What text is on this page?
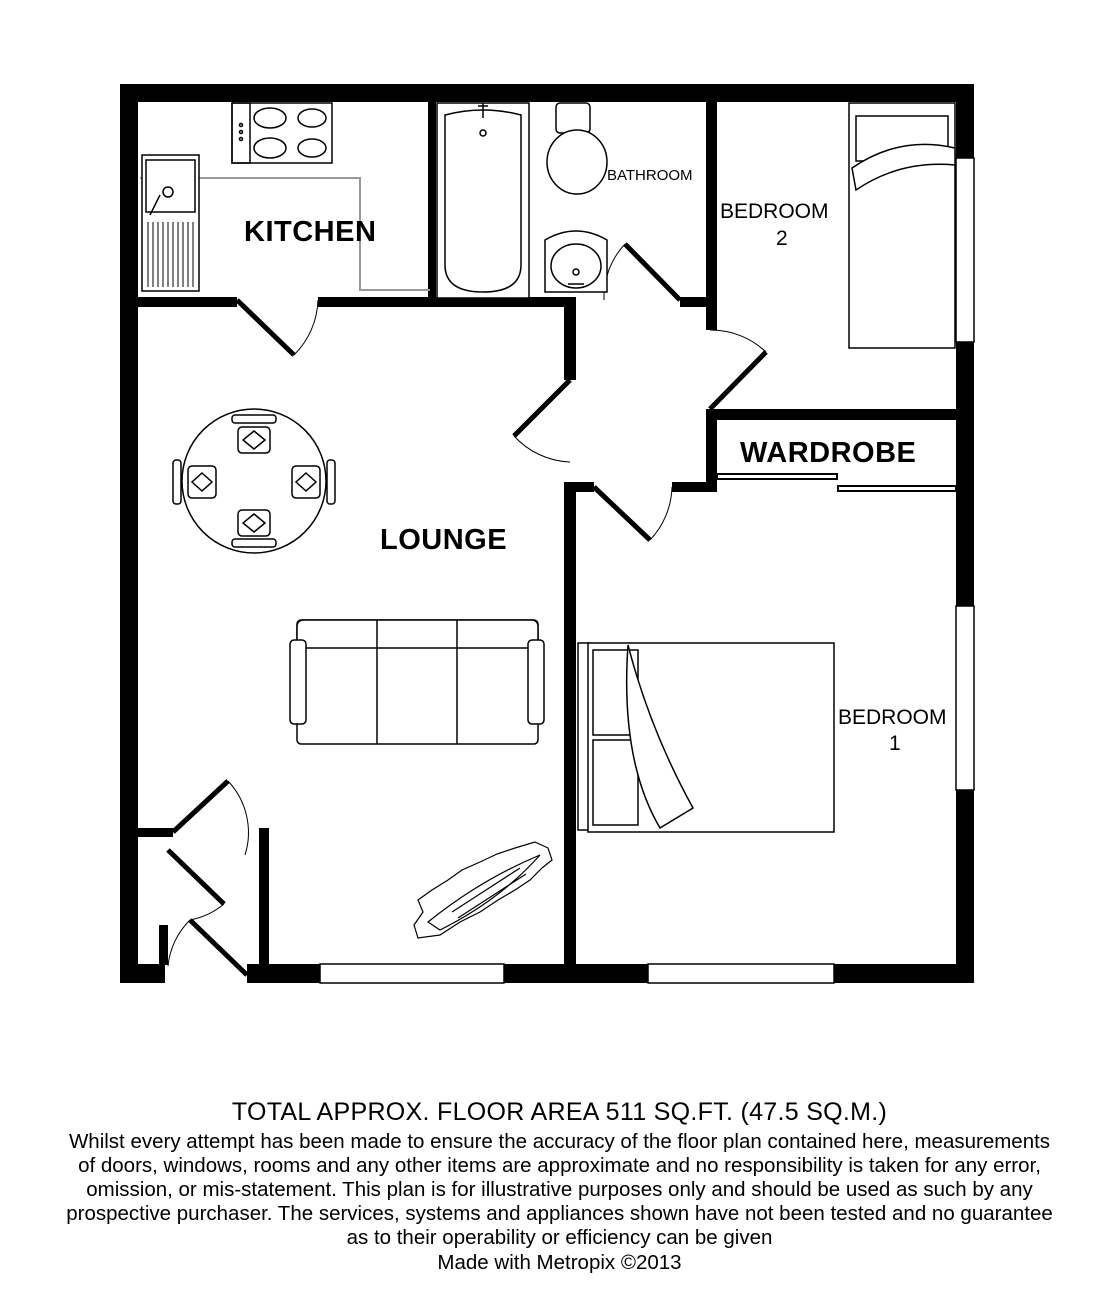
KITCHEN
BATHROOM
BEDROOM
2
WARDROBE
LOUNGE
BEDROOM
1
TOTAL APPROX. FLOOR AREA 511 SQ.FT. (47.5 SQ.M.)
Whilst every attempt has been made to ensure the accuracy of the floor plan contained here, measurements
of doors, windows, rooms and any other items are approximate and no responsibility is taken for any error,
omission, or mis-statement. This plan is for illustrative purposes only and should be used as such by any
prospective purchaser. The services, systems and appliances shown have not been tested and no guarantee
as to their operability or efficiency can be given
Made with Metropix ©2013
